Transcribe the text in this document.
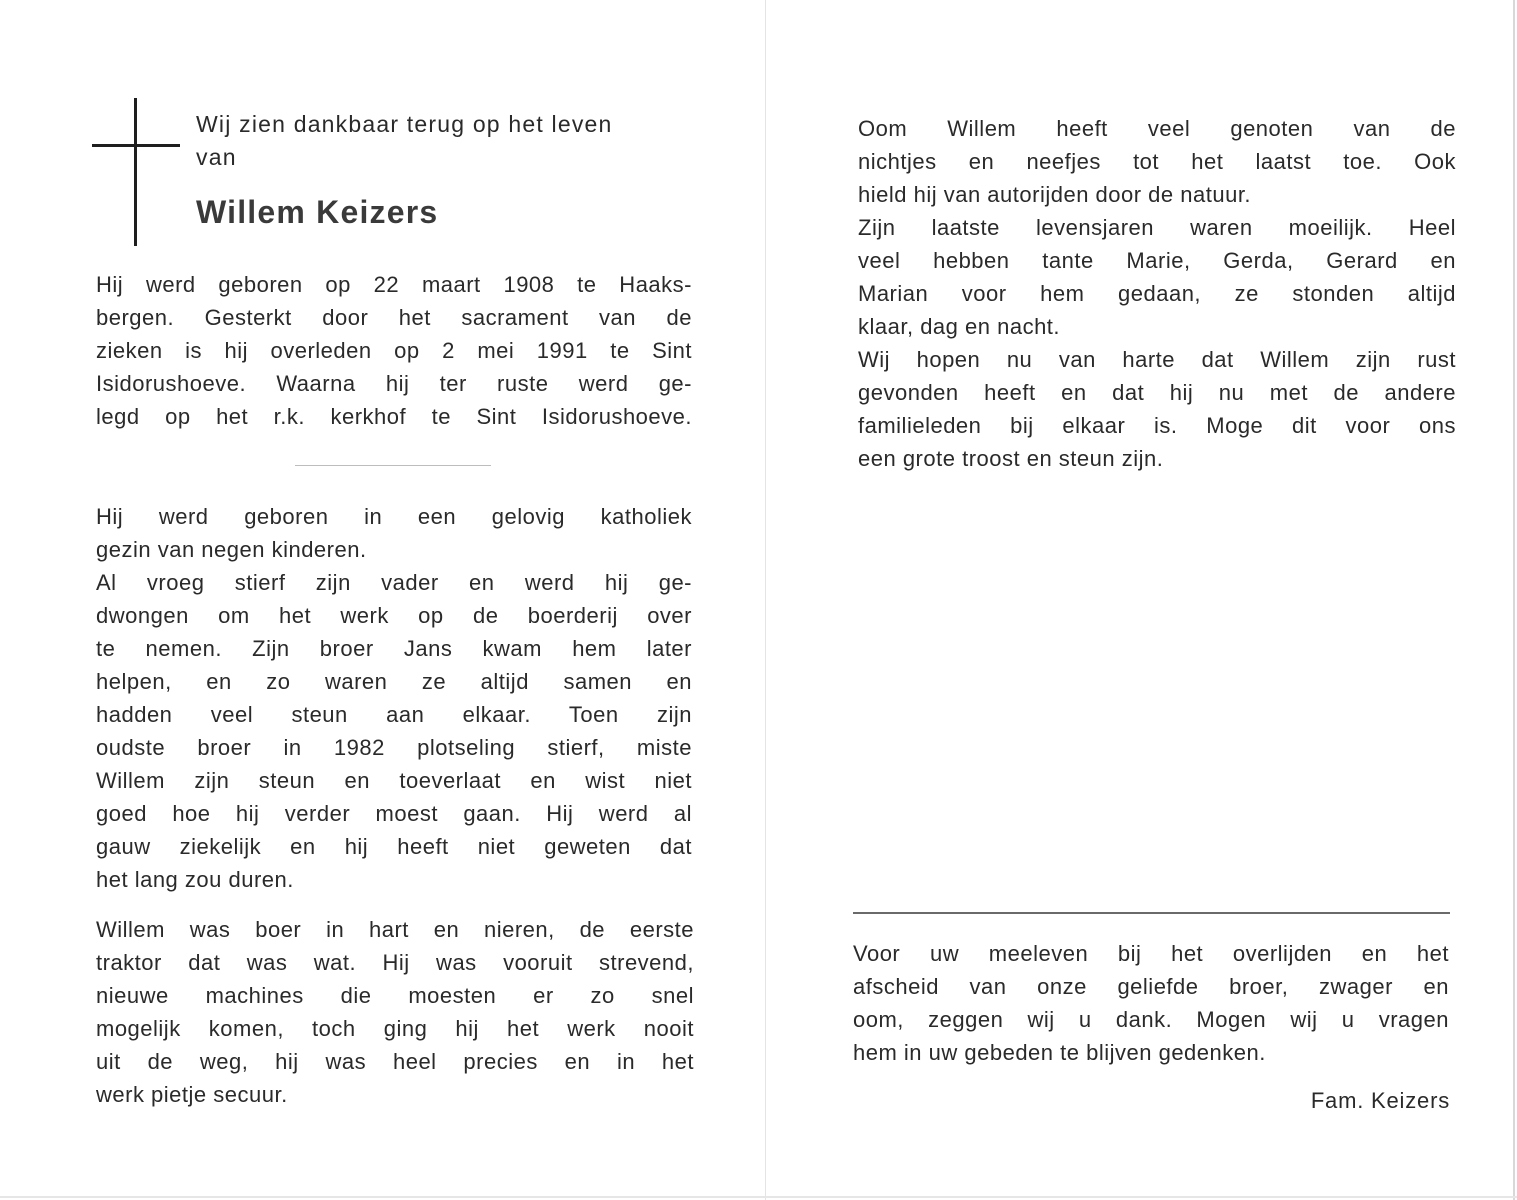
Wij zien dankbaar terug op het leven
van
Willem Keizers
Hij werd geboren op 22 maart 1908 te Haaks-
bergen. Gesterkt door het sacrament van de
zieken is hij overleden op 2 mei 1991 te Sint
Isidorushoeve. Waarna hij ter ruste werd ge-
legd op het r.k. kerkhof te Sint Isidorushoeve.
Hij werd geboren in een gelovig katholiek
gezin van negen kinderen.
Al vroeg stierf zijn vader en werd hij ge-
dwongen om het werk op de boerderij over
te nemen. Zijn broer Jans kwam hem later
helpen, en zo waren ze altijd samen en
hadden veel steun aan elkaar. Toen zijn
oudste broer in 1982 plotseling stierf, miste
Willem zijn steun en toeverlaat en wist niet
goed hoe hij verder moest gaan. Hij werd al
gauw ziekelijk en hij heeft niet geweten dat
het lang zou duren.
Willem was boer in hart en nieren, de eerste
traktor dat was wat. Hij was vooruit strevend,
nieuwe machines die moesten er zo snel
mogelijk komen, toch ging hij het werk nooit
uit de weg, hij was heel precies en in het
werk pietje secuur.
Oom Willem heeft veel genoten van de
nichtjes en neefjes tot het laatst toe. Ook
hield hij van autorijden door de natuur.
Zijn laatste levensjaren waren moeilijk. Heel
veel hebben tante Marie, Gerda, Gerard en
Marian voor hem gedaan, ze stonden altijd
klaar, dag en nacht.
Wij hopen nu van harte dat Willem zijn rust
gevonden heeft en dat hij nu met de andere
familieleden bij elkaar is. Moge dit voor ons
een grote troost en steun zijn.
Voor uw meeleven bij het overlijden en het
afscheid van onze geliefde broer, zwager en
oom, zeggen wij u dank. Mogen wij u vragen
hem in uw gebeden te blijven gedenken.
Fam. Keizers
